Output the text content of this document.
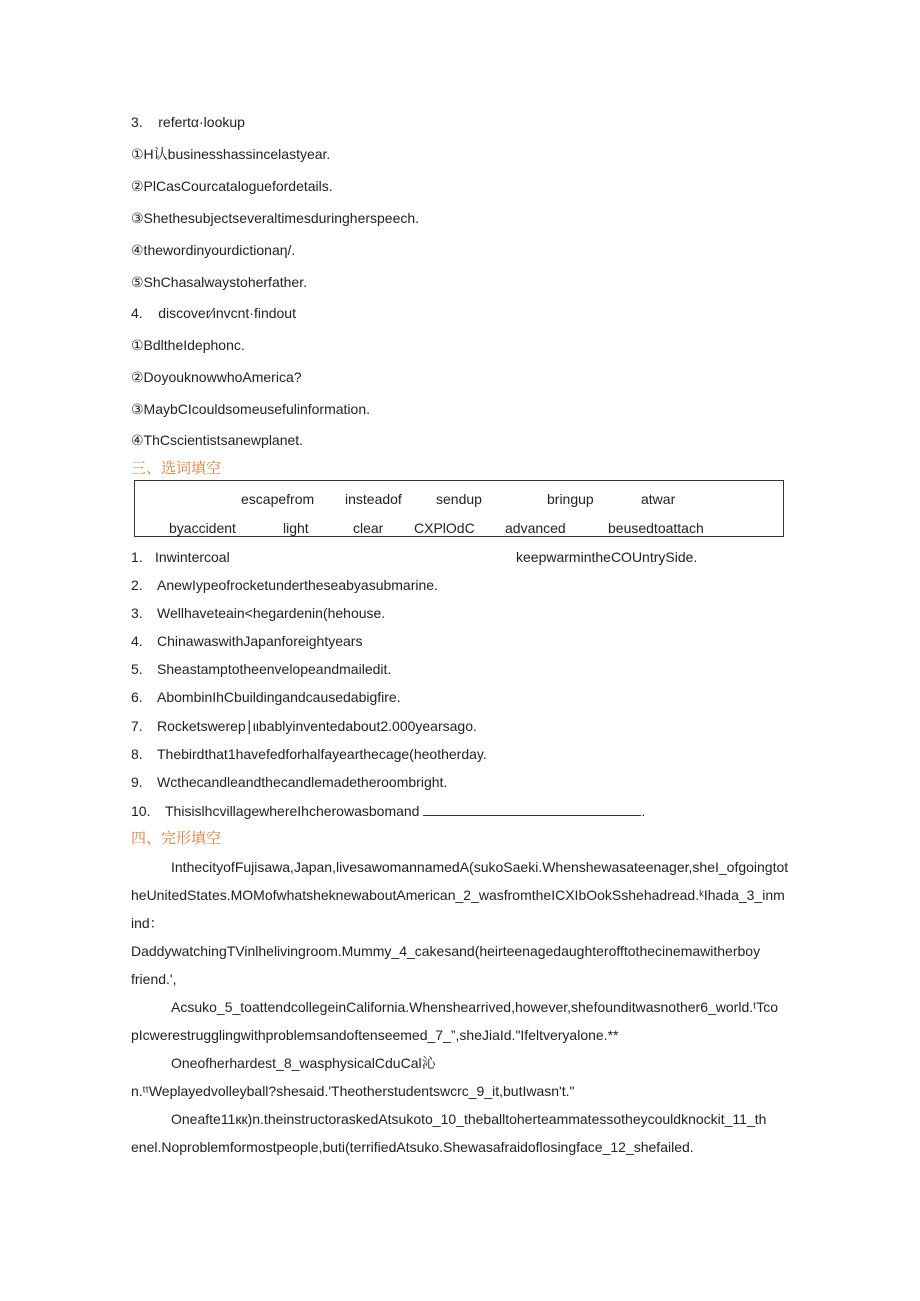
3. refertα·lookup
①H认businesshassincelastyear.
②PlCasCourcataloguefordetails.
③Shethesubjectseveraltimesduringherspeech.
④thewordinyourdictionaη/.
⑤ShChasalwaystoherfather.
4. discover∕invcnt·findout
①BdltheIdephonc.
②DoyouknowwhoAmerica?
③MaybCIcouldsomeusefulinformation.
④ThCscientistsanewplanet.
三、选词填空
escapefrom insteadof sendup	bringup	atwar
byaccident	light	clear CXPlOdC advanced	beusedtoattach
1. Inwintercoal	keepwarmintheCOUntrySide.
2. AnewIypeofrocketundertheseabyasubmarine.
3. Wellhaveteain<hegardenin(hehouse.
4. ChinawaswithJapanforeightyears
5. Sheastamptotheenvelopeandmailedit.
6. AbombinIhCbuildingandcausedabigfire.
7. Rocketswerep∣ιιbablyinventedabout2.000yearsago.
8. Thebirdthat1havefedforhalfayearthecage(heotherday.
9. Wcthecandleandthecandlemadetheroombright.
10. ThisislhcvillagewhereIhcherowasbomand	.
四、完形填空
InthecityofFujisawa,Japan,livesawomannamedA(sukoSaeki.Whenshewasateenager,sheI_ofgoingtot
heUnitedStates.MOMofwhatsheknewaboutAmerican_2_wasfromtheICXIbOokSshehadread.ᵏIhada_3_inm
ind：
DaddywatchingTVinlhelivingroom.Mummy_4_cakesand(heirteenagedaughterofftothecinemawitherboy
friend.',
Acsuko_5_toattendcollegeinCalifornia.Whenshearrived,however,shefounditwasnother6_world.ᵗTco
pIcwerestrugglingwithproblemsandoftenseemed_7_”,sheJiaId."Ifeltveryalone.**
Oneofherhardest_8_wasphysicalCduCal沁
n.ᵗᵗWeplayedvolleyball?shesaid.'Theotherstudentswcrc_9_it,butIwasn't."
Oneafte11кк)n.theinstructoraskedAtsukoto_10_theballtoherteammatessotheycouldknockit_11_th
enel.Noproblemformostpeople,buti(terrifiedAtsuko.Shewasafraidoflosingface_12_shefailed.
